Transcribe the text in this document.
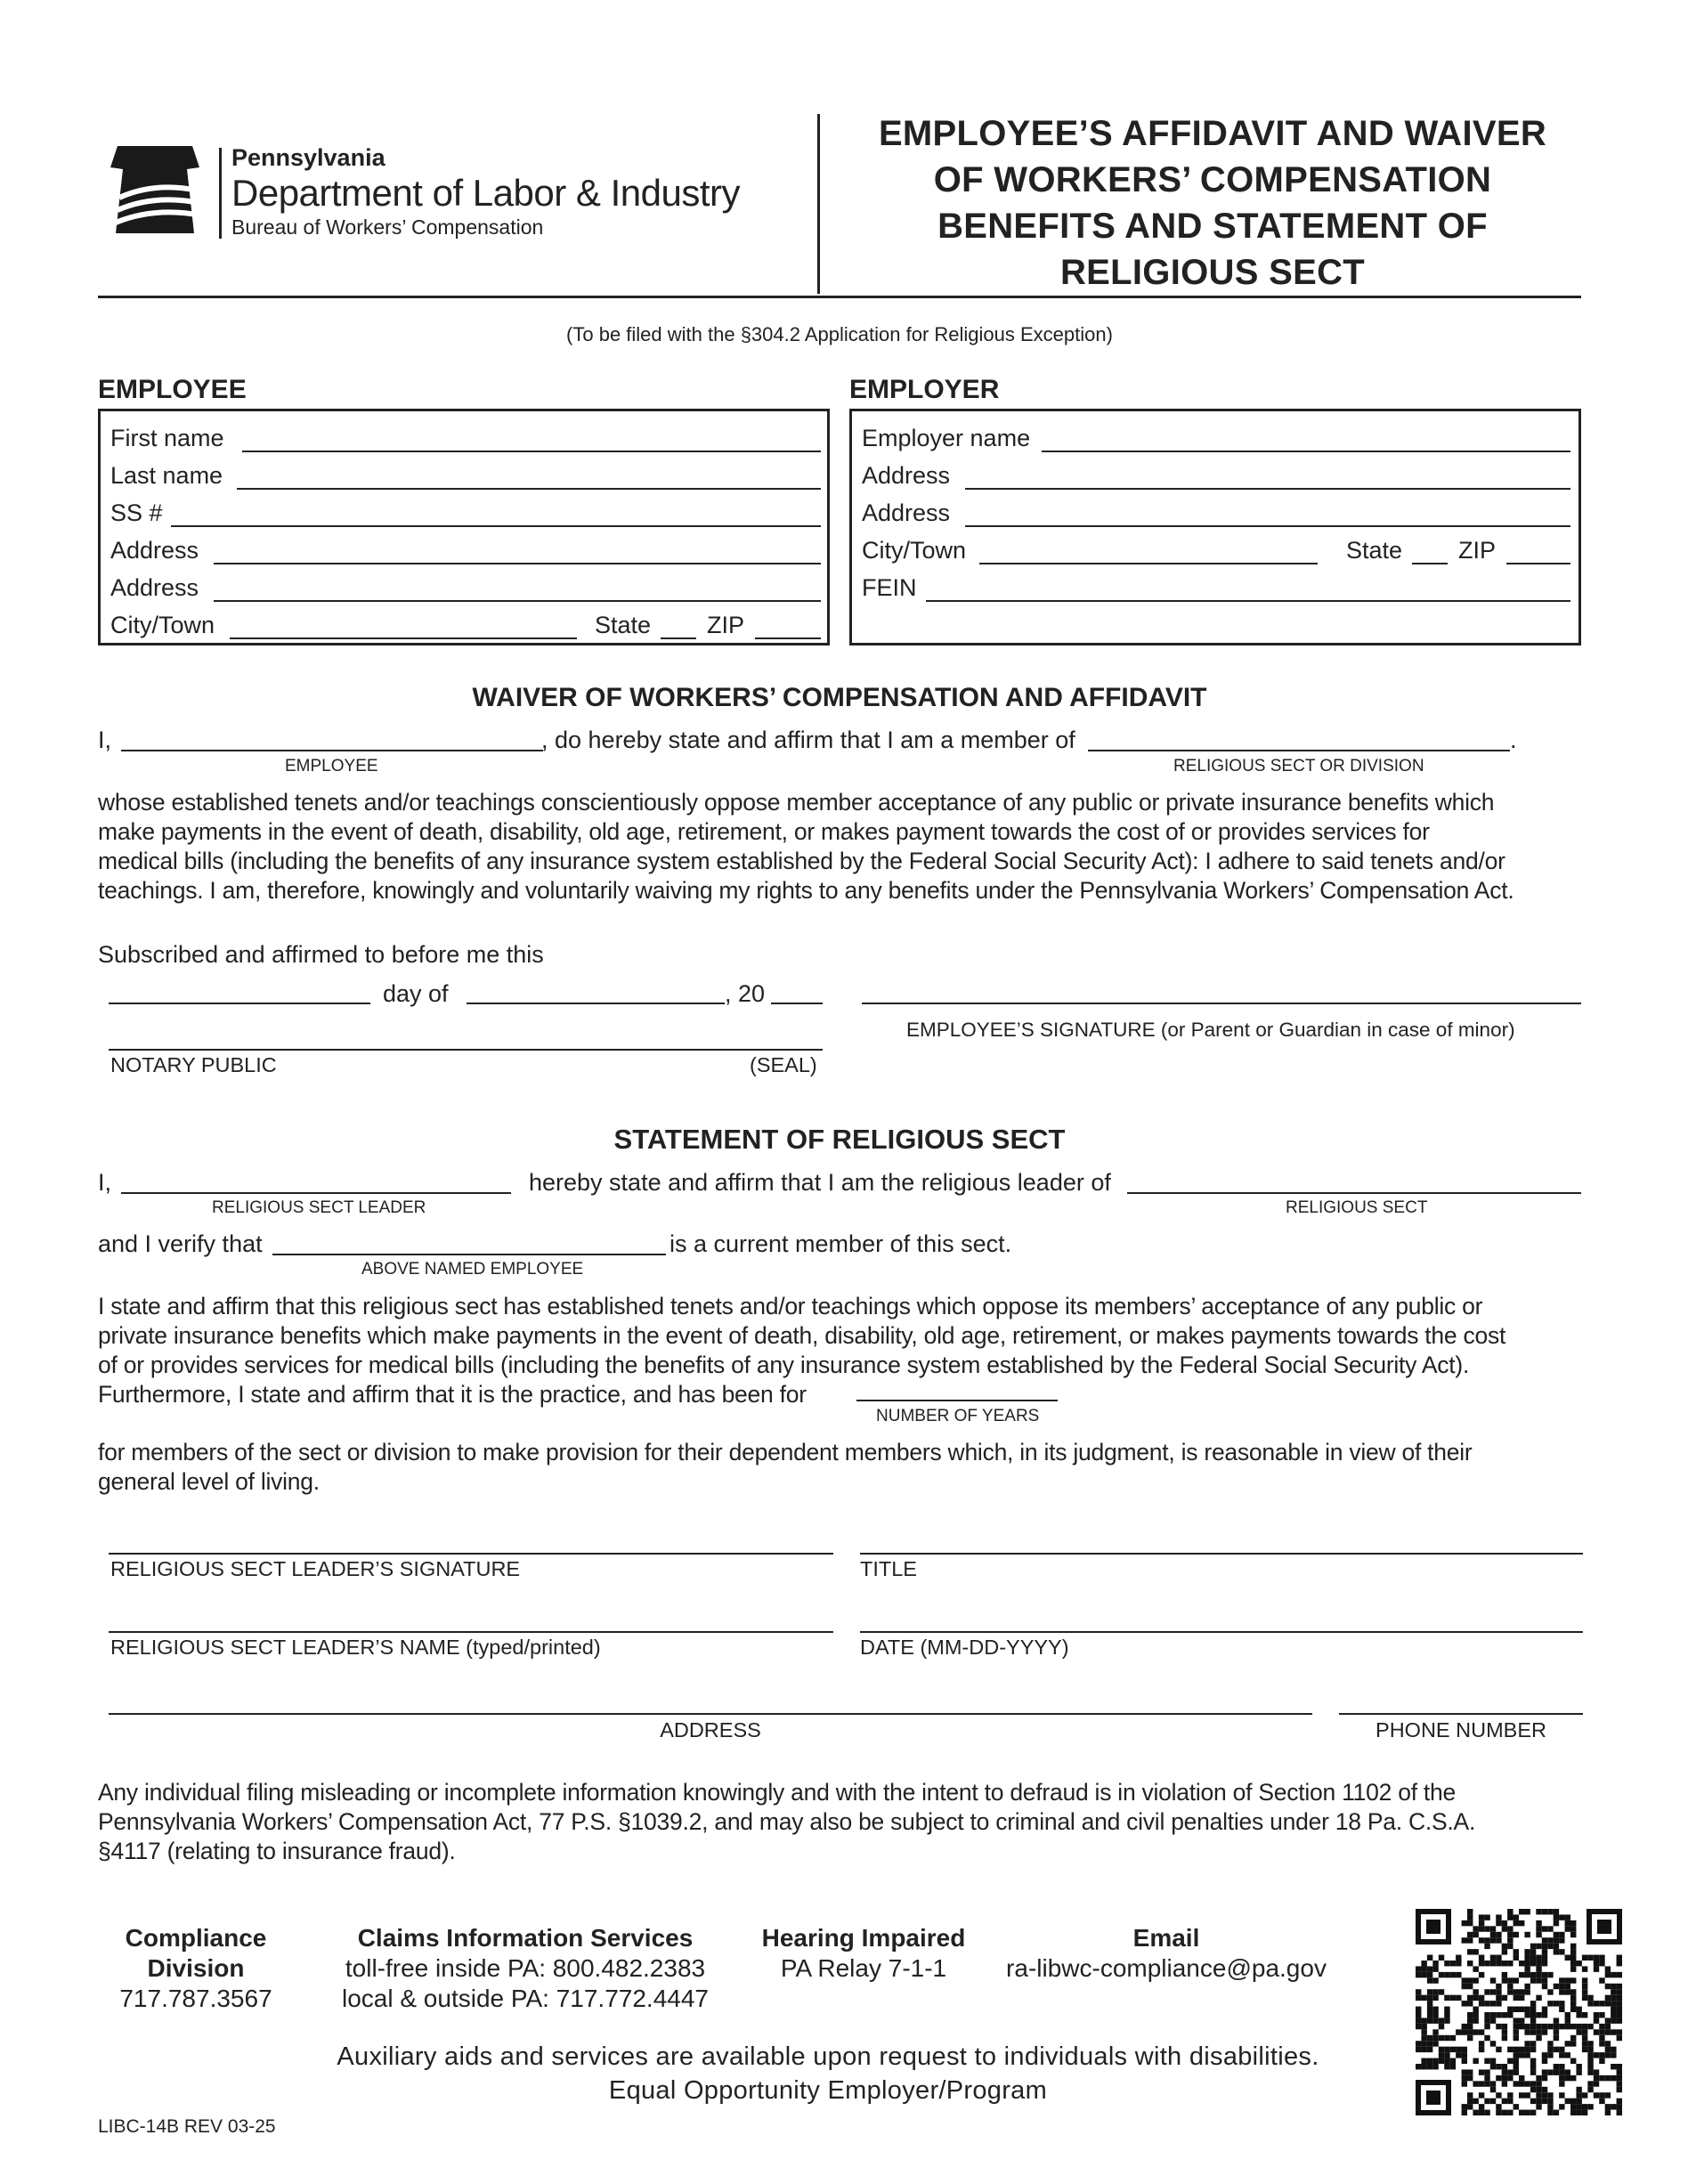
Pennsylvania
Department of Labor & Industry
Bureau of Workers’ Compensation
EMPLOYEE’S AFFIDAVIT AND WAIVER
OF WORKERS’ COMPENSATION
BENEFITS AND STATEMENT OF
RELIGIOUS SECT
(To be filed with the §304.2 Application for Religious Exception)
EMPLOYEE
First name
Last name
SS #
Address
Address
City/Town	State ZIP
EMPLOYER
Employer name
Address
Address
City/Town	State ZIP
FEIN
WAIVER OF WORKERS’ COMPENSATION AND AFFIDAVIT
I,	, do hereby state and affirm that I am a member of	.
EMPLOYEE	RELIGIOUS SECT OR DIVISION
whose established tenets and/or teachings conscientiously oppose member acceptance of any public or private insurance benefits which
make payments in the event of death, disability, old age, retirement, or makes payment towards the cost of or provides services for
medical bills (including the benefits of any insurance system established by the Federal Social Security Act): I adhere to said tenets and/or
teachings. I am, therefore, knowingly and voluntarily waiving my rights to any benefits under the Pennsylvania Workers’ Compensation Act.
Subscribed and affirmed to before me this
day of	, 20
EMPLOYEE’S SIGNATURE (or Parent or Guardian in case of minor)
NOTARY PUBLIC	(SEAL)
STATEMENT OF RELIGIOUS SECT
I,	hereby state and affirm that I am the religious leader of
RELIGIOUS SECT LEADER	RELIGIOUS SECT
and I verify that	is a current member of this sect.
ABOVE NAMED EMPLOYEE
I state and affirm that this religious sect has established tenets and/or teachings which oppose its members’ acceptance of any public or
private insurance benefits which make payments in the event of death, disability, old age, retirement, or makes payments towards the cost
of or provides services for medical bills (including the benefits of any insurance system established by the Federal Social Security Act).
Furthermore, I state and affirm that it is the practice, and has been for
NUMBER OF YEARS
for members of the sect or division to make provision for their dependent members which, in its judgment, is reasonable in view of their
general level of living.
RELIGIOUS SECT LEADER’S SIGNATURE	TITLE
RELIGIOUS SECT LEADER’S NAME (typed/printed)	DATE (MM-DD-YYYY)
ADDRESS	PHONE NUMBER
Any individual filing misleading or incomplete information knowingly and with the intent to defraud is in violation of Section 1102 of the
Pennsylvania Workers’ Compensation Act, 77 P.S. §1039.2, and may also be subject to criminal and civil penalties under 18 Pa. C.S.A.
§4117 (relating to insurance fraud).
Compliance
Division
717.787.3567
Claims Information Services
toll-free inside PA: 800.482.2383
local & outside PA: 717.772.4447
Hearing Impaired
PA Relay 7-1-1
Email
ra-libwc-compliance@pa.gov
Auxiliary aids and services are available upon request to individuals with disabilities.
Equal Opportunity Employer/Program
LIBC-14B REV 03-25
